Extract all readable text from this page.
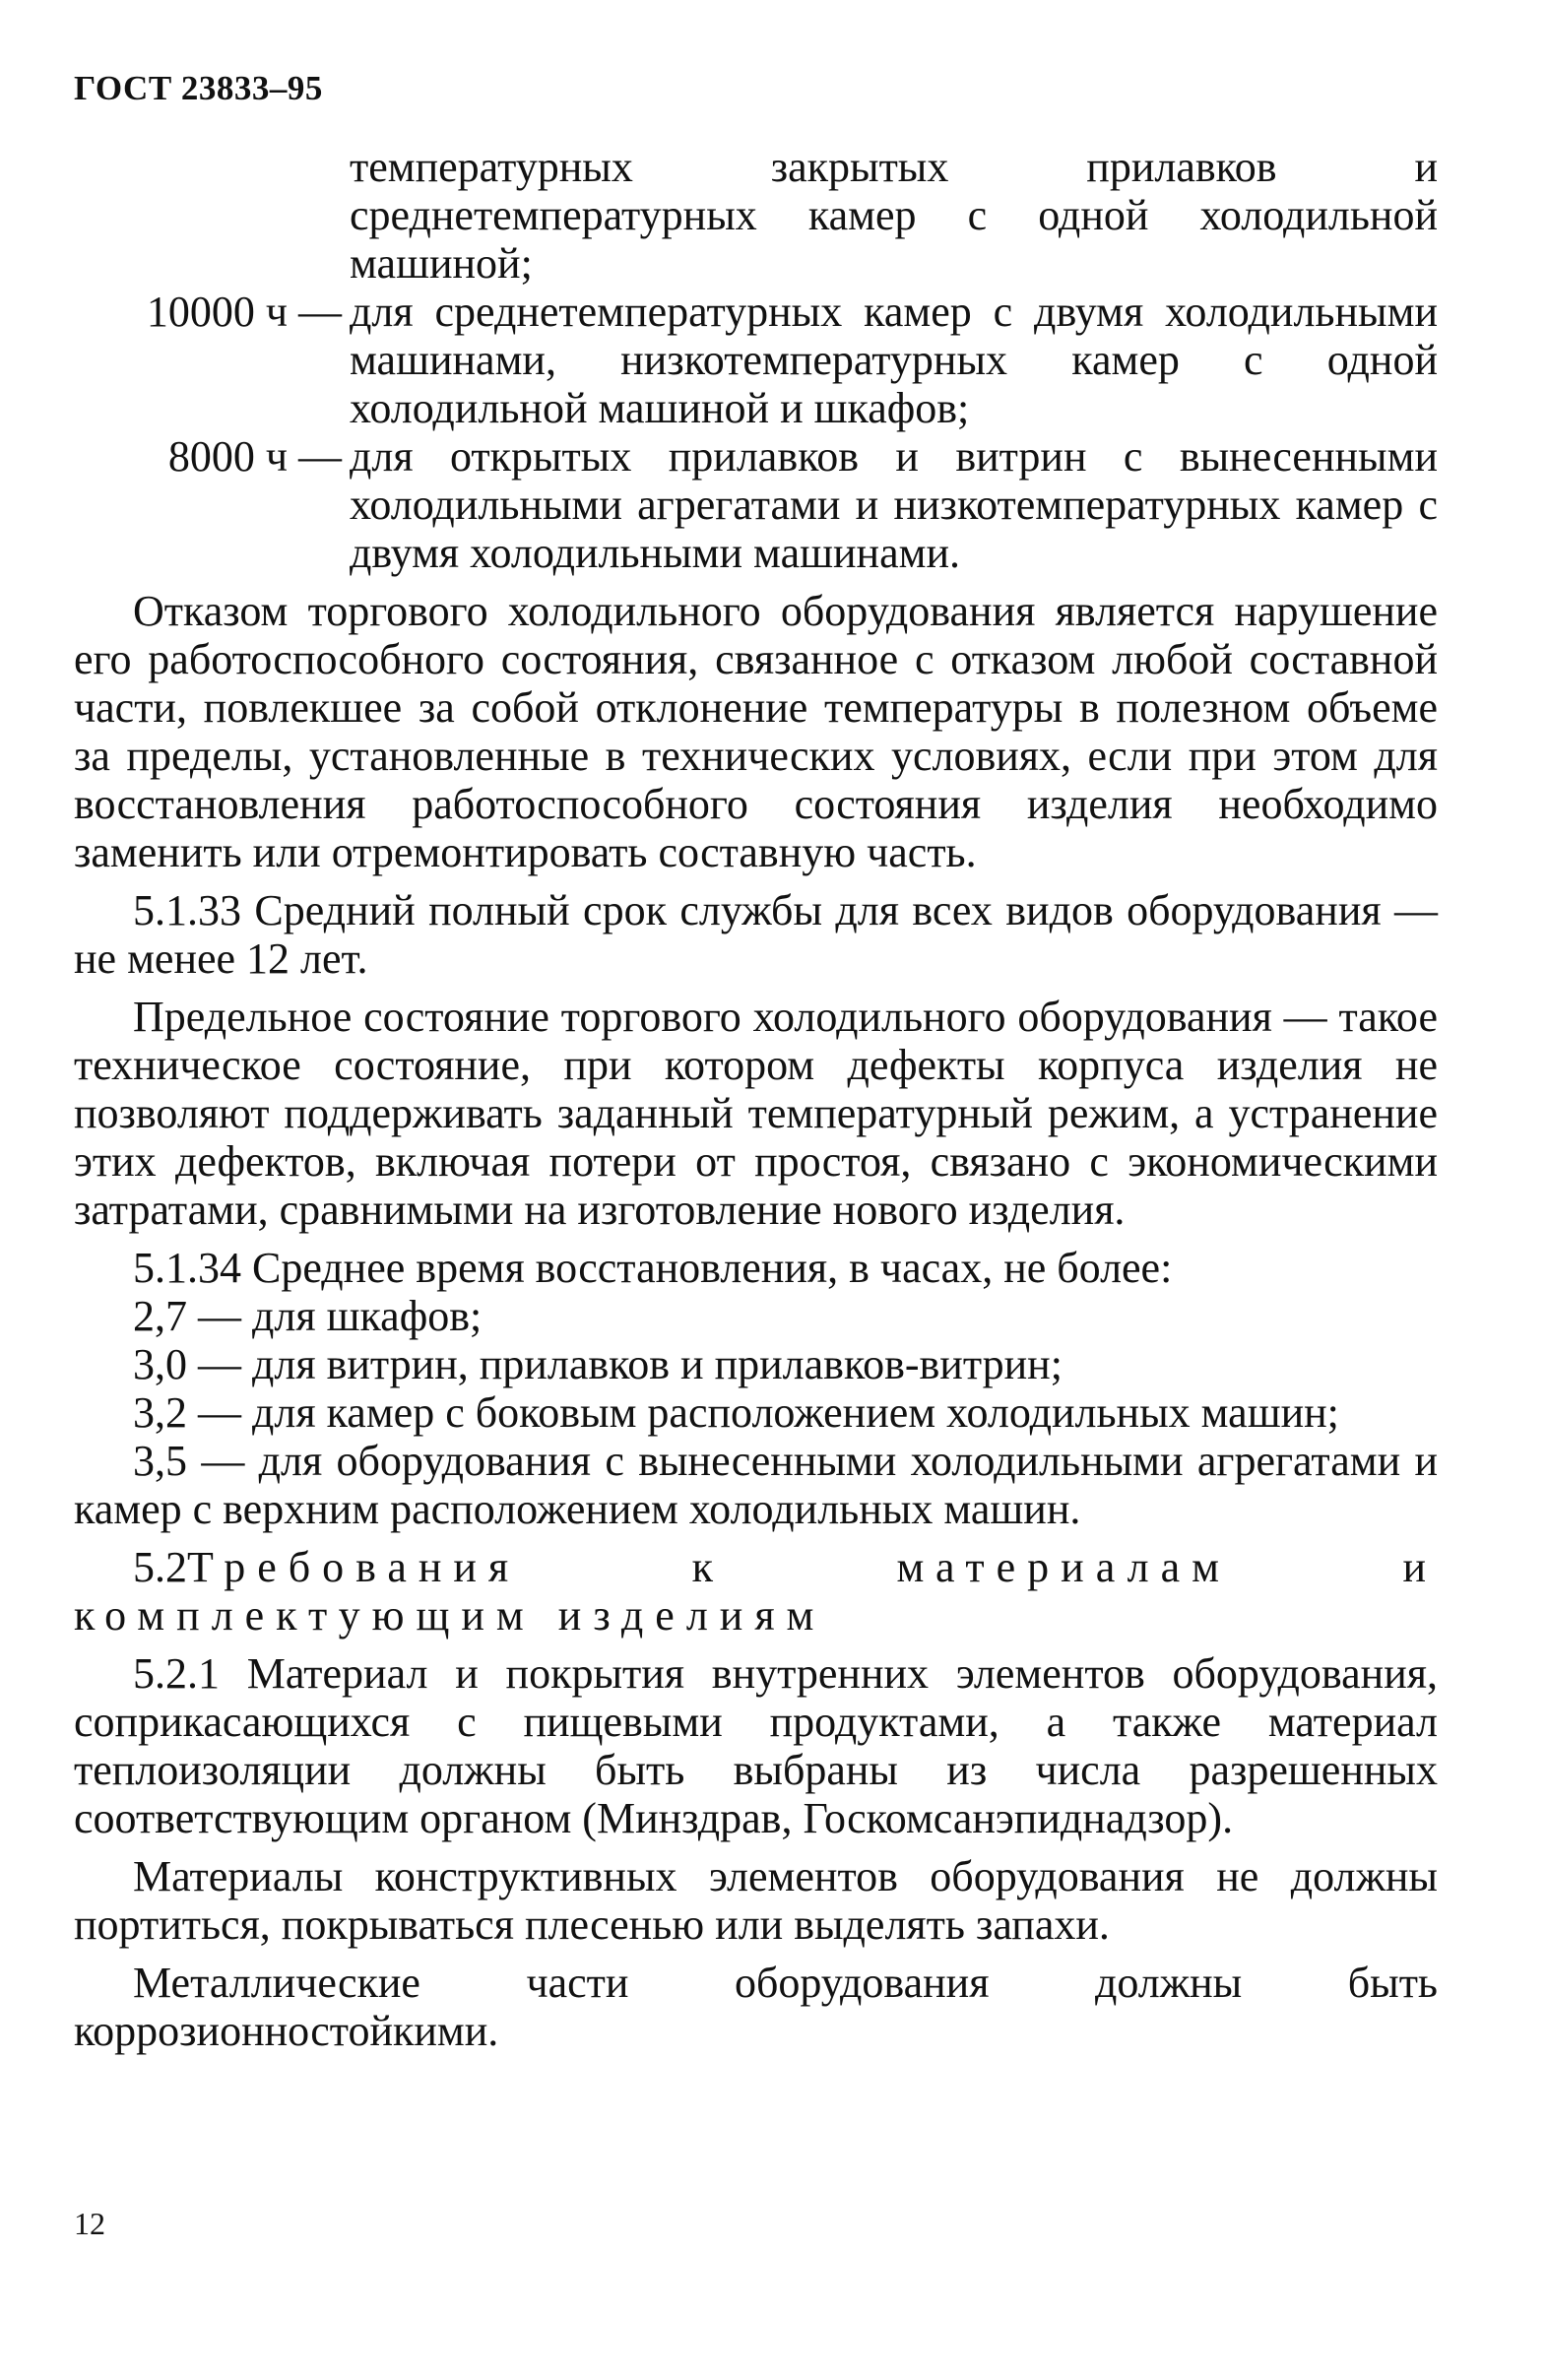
ГОСТ 23833–95
температурных закрытых прилавков и среднетемпературных камер с одной холодильной машиной;
10000 ч — для среднетемпературных камер с двумя холодильными машинами, низкотемпературных камер с одной холодильной машиной и шкафов;
8000 ч — для открытых прилавков и витрин с вынесенными холодильными агрегатами и низкотемпературных камер с двумя холодильными машинами.

Отказом торгового холодильного оборудования является нарушение его работоспособного состояния, связанное с отказом любой составной части, повлекшее за собой отклонение температуры в полезном объеме за пределы, установленные в технических условиях, если при этом для восстановления работоспособного состояния изделия необходимо заменить или отремонтировать составную часть.

5.1.33 Средний полный срок службы для всех видов оборудования — не менее 12 лет.

Предельное состояние торгового холодильного оборудования — такое техническое состояние, при котором дефекты корпуса изделия не позволяют поддерживать заданный температурный режим, а устранение этих дефектов, включая потери от простоя, связано с экономическими затратами, сравнимыми на изготовление нового изделия.

5.1.34 Среднее время восстановления, в часах, не более:

2,7 — для шкафов;

3,0 — для витрин, прилавков и прилавков-витрин;

3,2 — для камер с боковым расположением холодильных машин;

3,5 — для оборудования с вынесенными холодильными агрегатами и камер с верхним расположением холодильных машин.

5.2Требования к материалам и комплектующим изделиям

5.2.1 Материал и покрытия внутренних элементов оборудования, соприкасающихся с пищевыми продуктами, а также материал теплоизоляции должны быть выбраны из числа разрешенных соответствующим органом (Минздрав, Госкомсанэпиднадзор).

Материалы конструктивных элементов оборудования не должны портиться, покрываться плесенью или выделять запахи.

Металлические части оборудования должны быть коррозионностойкими.

12
